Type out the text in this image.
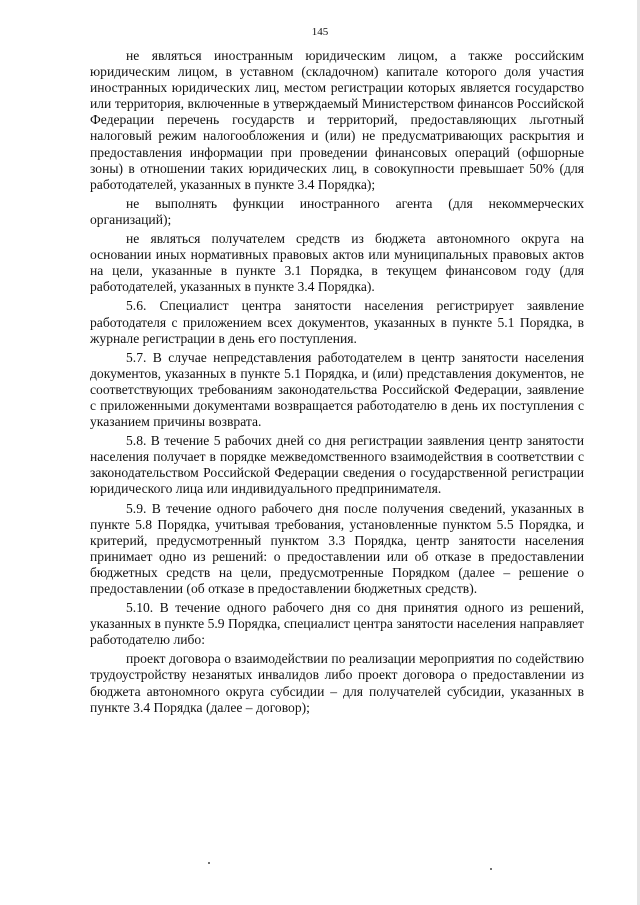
145

не являться иностранным юридическим лицом, а также российским юридическим лицом, в уставном (складочном) капитале которого доля участия иностранных юридических лиц, местом регистрации которых является государство или территория, включенные в утверждаемый Министерством финансов Российской Федерации перечень государств и территорий, предоставляющих льготный налоговый режим налогообложения и (или) не предусматривающих раскрытия и предоставления информации при проведении финансовых операций (офшорные зоны) в отношении таких юридических лиц, в совокупности превышает 50% (для работодателей, указанных в пункте 3.4 Порядка);

не выполнять функции иностранного агента (для некоммерческих организаций);

не являться получателем средств из бюджета автономного округа на основании иных нормативных правовых актов или муниципальных правовых актов на цели, указанные в пункте 3.1 Порядка, в текущем финансовом году (для работодателей, указанных в пункте 3.4 Порядка).

5.6. Специалист центра занятости населения регистрирует заявление работодателя с приложением всех документов, указанных в пункте 5.1 Порядка, в журнале регистрации в день его поступления.

5.7. В случае непредставления работодателем в центр занятости населения документов, указанных в пункте 5.1 Порядка, и (или) представления документов, не соответствующих требованиям законодательства Российской Федерации, заявление с приложенными документами возвращается работодателю в день их поступления с указанием причины возврата.

5.8. В течение 5 рабочих дней со дня регистрации заявления центр занятости населения получает в порядке межведомственного взаимодействия в соответствии с законодательством Российской Федерации сведения о государственной регистрации юридического лица или индивидуального предпринимателя.

5.9. В течение одного рабочего дня после получения сведений, указанных в пункте 5.8 Порядка, учитывая требования, установленные пунктом 5.5 Порядка, и критерий, предусмотренный пунктом 3.3 Порядка, центр занятости населения принимает одно из решений: о предоставлении или об отказе в предоставлении бюджетных средств на цели, предусмотренные Порядком (далее – решение о предоставлении (об отказе в предоставлении бюджетных средств).

5.10. В течение одного рабочего дня со дня принятия одного из решений, указанных в пункте 5.9 Порядка, специалист центра занятости населения направляет работодателю либо:

проект договора о взаимодействии по реализации мероприятия по содействию трудоустройству незанятых инвалидов либо проект договора о предоставлении из бюджета автономного округа субсидии – для получателей субсидии, указанных в пункте 3.4 Порядка (далее – договор);
